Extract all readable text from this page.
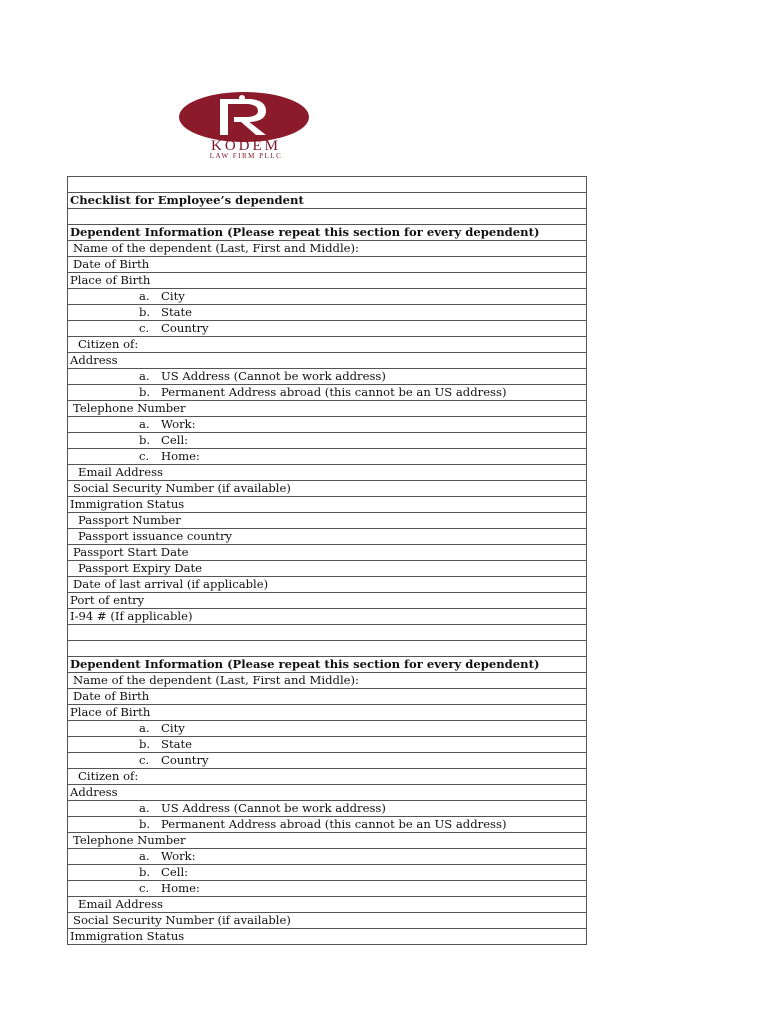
KODEM
LAW FIRM PLLC

Checklist for Employee’s dependent

Dependent Information (Please repeat this section for every dependent)
Name of the dependent (Last, First and Middle):
Date of Birth
Place of Birth
a. City
b. State
c. Country
Citizen of:
Address
a. US Address (Cannot be work address)
b. Permanent Address abroad (this cannot be an US address)
Telephone Number
a. Work:
b. Cell:
c. Home:
Email Address
Social Security Number (if available)
Immigration Status
Passport Number
Passport issuance country
Passport Start Date
Passport Expiry Date
Date of last arrival (if applicable)
Port of entry
I-94 # (If applicable)

Dependent Information (Please repeat this section for every dependent)
Name of the dependent (Last, First and Middle):
Date of Birth
Place of Birth
a. City
b. State
c. Country
Citizen of:
Address
a. US Address (Cannot be work address)
b. Permanent Address abroad (this cannot be an US address)
Telephone Number
a. Work:
b. Cell:
c. Home:
Email Address
Social Security Number (if available)
Immigration Status
